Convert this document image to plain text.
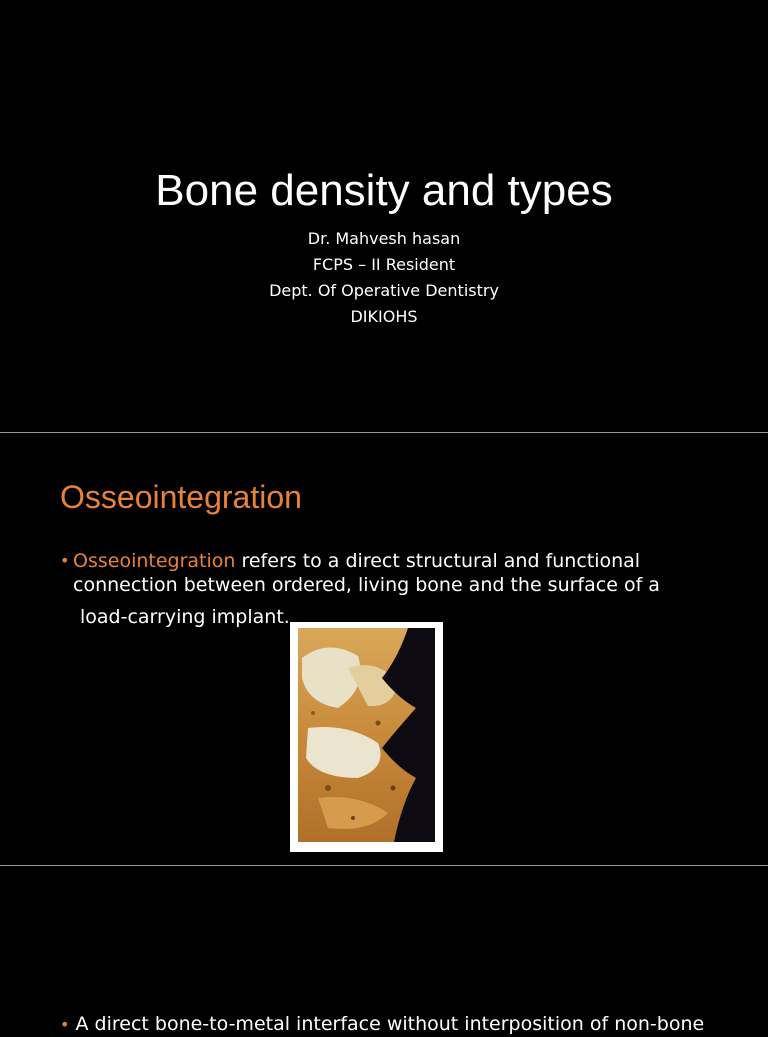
Bone density and types
Dr. Mahvesh hasan
FCPS – II Resident
Dept. Of Operative Dentistry
DIKIOHS
Osseointegration
• Osseointegration refers to a direct structural and functional
connection between ordered, living bone and the surface of a
load-carrying implant.
• A direct bone-to-metal interface without interposition of non-bone
